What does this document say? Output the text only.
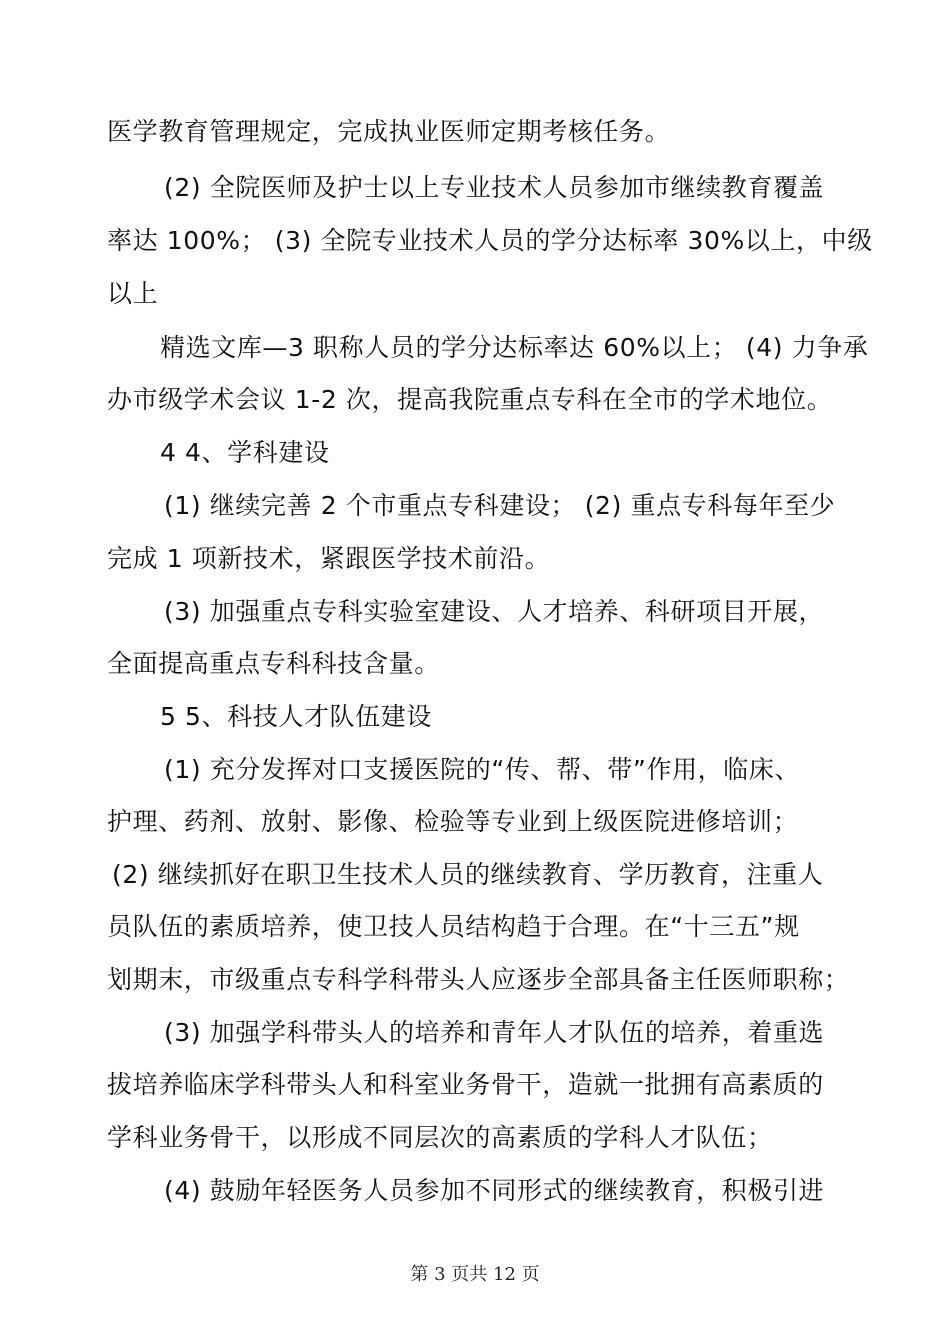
医学教育管理规定，完成执业医师定期考核任务。
(2) 全院医师及护士以上专业技术人员参加市继续教育覆盖
率达 100%； (3) 全院专业技术人员的学分达标率 30%以上，中级
以上
精选文库—3 职称人员的学分达标率达 60%以上； (4) 力争承
办市级学术会议 1-2 次，提高我院重点专科在全市的学术地位。
4 4、学科建设
(1) 继续完善 2 个市重点专科建设； (2) 重点专科每年至少
完成 1 项新技术，紧跟医学技术前沿。
(3) 加强重点专科实验室建设、人才培养、科研项目开展，
全面提高重点专科科技含量。
5 5、科技人才队伍建设
(1) 充分发挥对口支援医院的“传、帮、带”作用，临床、
护理、药剂、放射、影像、检验等专业到上级医院进修培训；
(2) 继续抓好在职卫生技术人员的继续教育、学历教育，注重人
员队伍的素质培养，使卫技人员结构趋于合理。在“十三五”规
划期末，市级重点专科学科带头人应逐步全部具备主任医师职称；
(3) 加强学科带头人的培养和青年人才队伍的培养，着重选
拔培养临床学科带头人和科室业务骨干，造就一批拥有高素质的
学科业务骨干，以形成不同层次的高素质的学科人才队伍；
(4) 鼓励年轻医务人员参加不同形式的继续教育，积极引进
第 3 页共 12 页
